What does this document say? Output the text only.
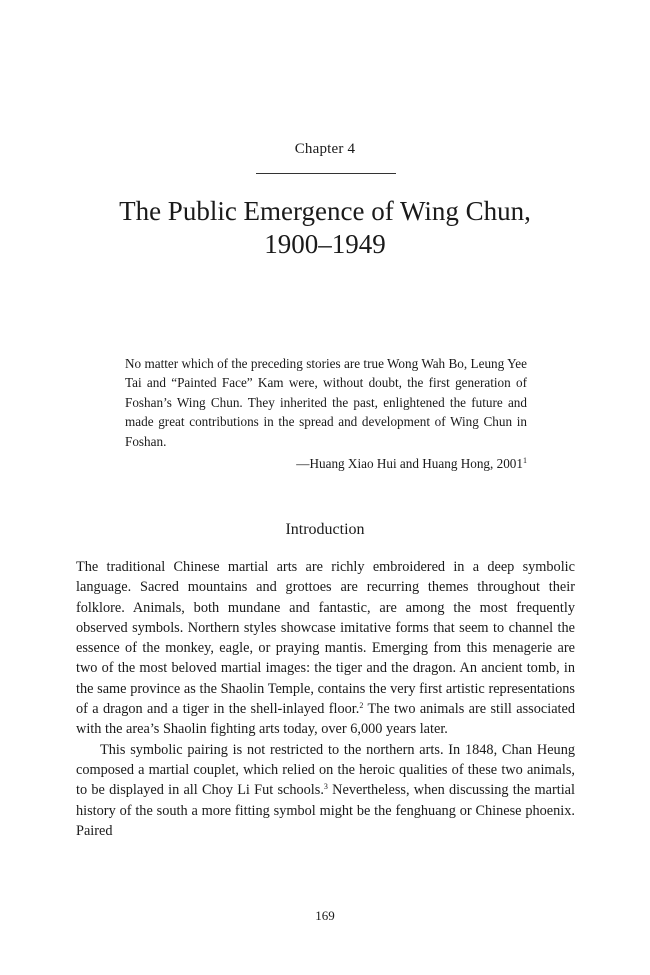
Chapter 4
The Public Emergence of Wing Chun,
1900–1949

No matter which of the preceding stories are true Wong Wah Bo, Leung Yee Tai and “Painted Face” Kam were, without doubt, the first generation of Foshan’s Wing Chun. They inherited the past, enlightened the future and made great contributions in the spread and development of Wing Chun in Foshan.

—Huang Xiao Hui and Huang Hong, 2001$^1$
Introduction

The traditional Chinese martial arts are richly embroidered in a deep symbolic language. Sacred mountains and grottoes are recurring themes throughout their folklore. Animals, both mundane and fantastic, are among the most frequently observed symbols. Northern styles showcase imitative forms that seem to channel the essence of the monkey, eagle, or praying mantis. Emerging from this menagerie are two of the most beloved martial images: the tiger and the dragon. An ancient tomb, in the same province as the Shaolin Temple, contains the very first artistic representations of a dragon and a tiger in the shell-inlayed floor.$^2$ The two animals are still associated with the area’s Shaolin fighting arts today, over 6,000 years later.

This symbolic pairing is not restricted to the northern arts. In 1848, Chan Heung composed a martial couplet, which relied on the heroic qualities of these two animals, to be displayed in all Choy Li Fut schools.$^3$ Nevertheless, when discussing the martial history of the south a more fitting symbol might be the fenghuang or Chinese phoenix. Paired

169
